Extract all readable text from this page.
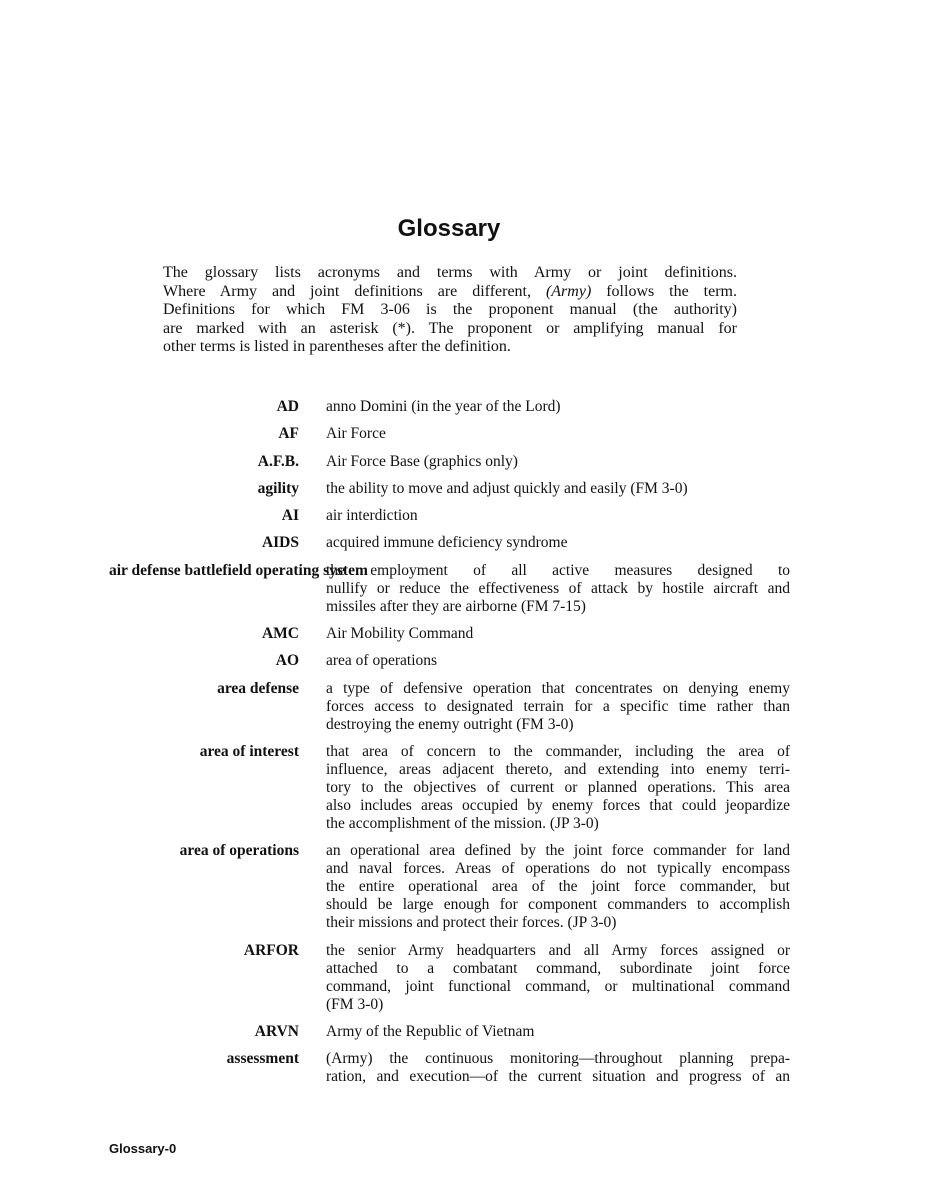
Glossary
The glossary lists acronyms and terms with Army or joint definitions.
Where Army and joint definitions are different, (Army) follows the term.
Definitions for which FM 3-06 is the proponent manual (the authority)
are marked with an asterisk (*). The proponent or amplifying manual for
other terms is listed in parentheses after the definition.
AD anno Domini (in the year of the Lord)
AF Air Force
A.F.B. Air Force Base (graphics only)
agility the ability to move and adjust quickly and easily (FM 3-0)
AI air interdiction
AIDS acquired immune deficiency syndrome
air defense battlefield operating system
the employment of all active measures designed to
nullify or reduce the effectiveness of attack by hostile aircraft and
missiles after they are airborne (FM 7-15)
AMC Air Mobility Command
AO area of operations
area defense a type of defensive operation that concentrates on denying enemy
forces access to designated terrain for a specific time rather than
destroying the enemy outright (FM 3-0)
area of interest that area of concern to the commander, including the area of
influence, areas adjacent thereto, and extending into enemy terri-
tory to the objectives of current or planned operations. This area
also includes areas occupied by enemy forces that could jeopardize
the accomplishment of the mission. (JP 3-0)
area of operations an operational area defined by the joint force commander for land
and naval forces. Areas of operations do not typically encompass
the entire operational area of the joint force commander, but
should be large enough for component commanders to accomplish
their missions and protect their forces. (JP 3-0)
ARFOR the senior Army headquarters and all Army forces assigned or
attached to a combatant command, subordinate joint force
command, joint functional command, or multinational command
(FM 3-0)
ARVN Army of the Republic of Vietnam
assessment (Army) the continuous monitoring—throughout planning prepa-
ration, and execution—of the current situation and progress of an
Glossary-0
